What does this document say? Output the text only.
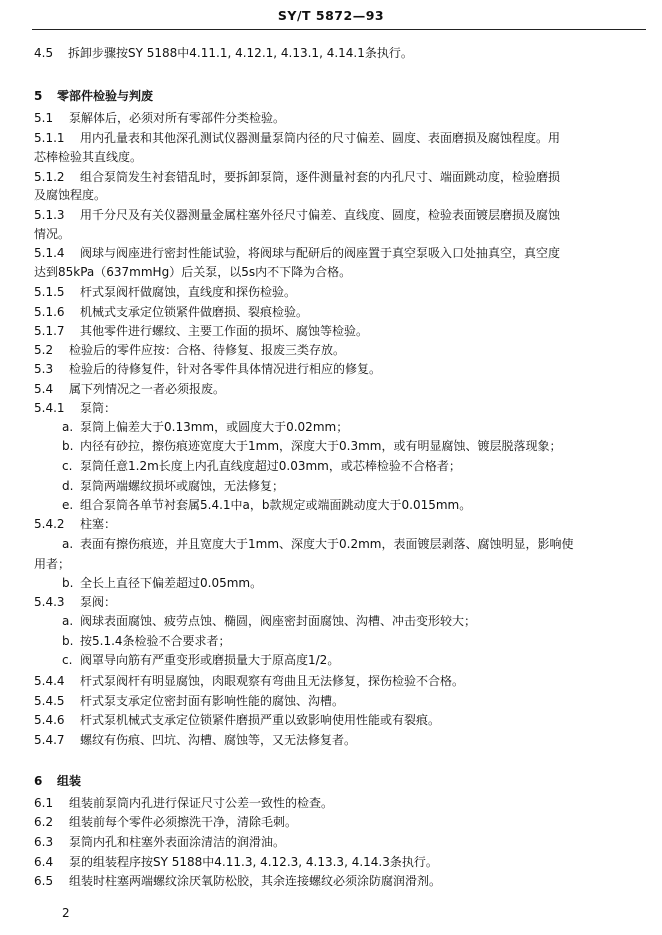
SY/T 5872—93
4.5 拆卸步骤按SY 5188中4.11.1, 4.12.1, 4.13.1, 4.14.1条执行。
5 零部件检验与判废
5.1 泵解体后，必须对所有零部件分类检验。
5.1.1 用内孔量表和其他深孔测试仪器测量泵筒内径的尺寸偏差、圆度、表面磨损及腐蚀程度。用
芯棒检验其直线度。
5.1.2 组合泵筒发生衬套错乱时，要拆卸泵筒，逐件测量衬套的内孔尺寸、端面跳动度，检验磨损
及腐蚀程度。
5.1.3 用千分尺及有关仪器测量金属柱塞外径尺寸偏差、直线度、圆度，检验表面镀层磨损及腐蚀
情况。
5.1.4 阀球与阀座进行密封性能试验，将阀球与配研后的阀座置于真空泵吸入口处抽真空，真空度
达到85kPa（637mmHg）后关泵，以5s内不下降为合格。
5.1.5 杆式泵阀杆做腐蚀，直线度和探伤检验。
5.1.6 机械式支承定位锁紧件做磨损、裂痕检验。
5.1.7 其他零件进行螺纹、主要工作面的损坏、腐蚀等检验。
5.2 检验后的零件应按：合格、待修复、报废三类存放。
5.3 检验后的待修复件，针对各零件具体情况进行相应的修复。
5.4 属下列情况之一者必须报废。
5.4.1 泵筒：
a. 泵筒上偏差大于0.13mm，或圆度大于0.02mm；
b. 内径有砂拉，擦伤痕迹宽度大于1mm，深度大于0.3mm，或有明显腐蚀、镀层脱落现象；
c. 泵筒任意1.2m长度上内孔直线度超过0.03mm，或芯棒检验不合格者；
d. 泵筒两端螺纹损坏或腐蚀，无法修复；
e. 组合泵筒各单节衬套属5.4.1中a，b款规定或端面跳动度大于0.015mm。
5.4.2 柱塞：
a. 表面有擦伤痕迹，并且宽度大于1mm、深度大于0.2mm，表面镀层剥落、腐蚀明显，影响使
用者；
b. 全长上直径下偏差超过0.05mm。
5.4.3 泵阀：
a. 阀球表面腐蚀、疲劳点蚀、椭圆，阀座密封面腐蚀、沟槽、冲击变形较大；
b. 按5.1.4条检验不合要求者；
c. 阀罩导向筋有严重变形或磨损量大于原高度1/2。
5.4.4 杆式泵阀杆有明显腐蚀，肉眼观察有弯曲且无法修复，探伤检验不合格。
5.4.5 杆式泵支承定位密封面有影响性能的腐蚀、沟槽。
5.4.6 杆式泵机械式支承定位锁紧件磨损严重以致影响使用性能或有裂痕。
5.4.7 螺纹有伤痕、凹坑、沟槽、腐蚀等，又无法修复者。
6 组装
6.1 组装前泵筒内孔进行保证尺寸公差一致性的检查。
6.2 组装前每个零件必须擦洗干净，清除毛刺。
6.3 泵筒内孔和柱塞外表面涂清洁的润滑油。
6.4 泵的组装程序按SY 5188中4.11.3, 4.12.3, 4.13.3, 4.14.3条执行。
6.5 组装时柱塞两端螺纹涂厌氧防松胶，其余连接螺纹必须涂防腐润滑剂。
2
